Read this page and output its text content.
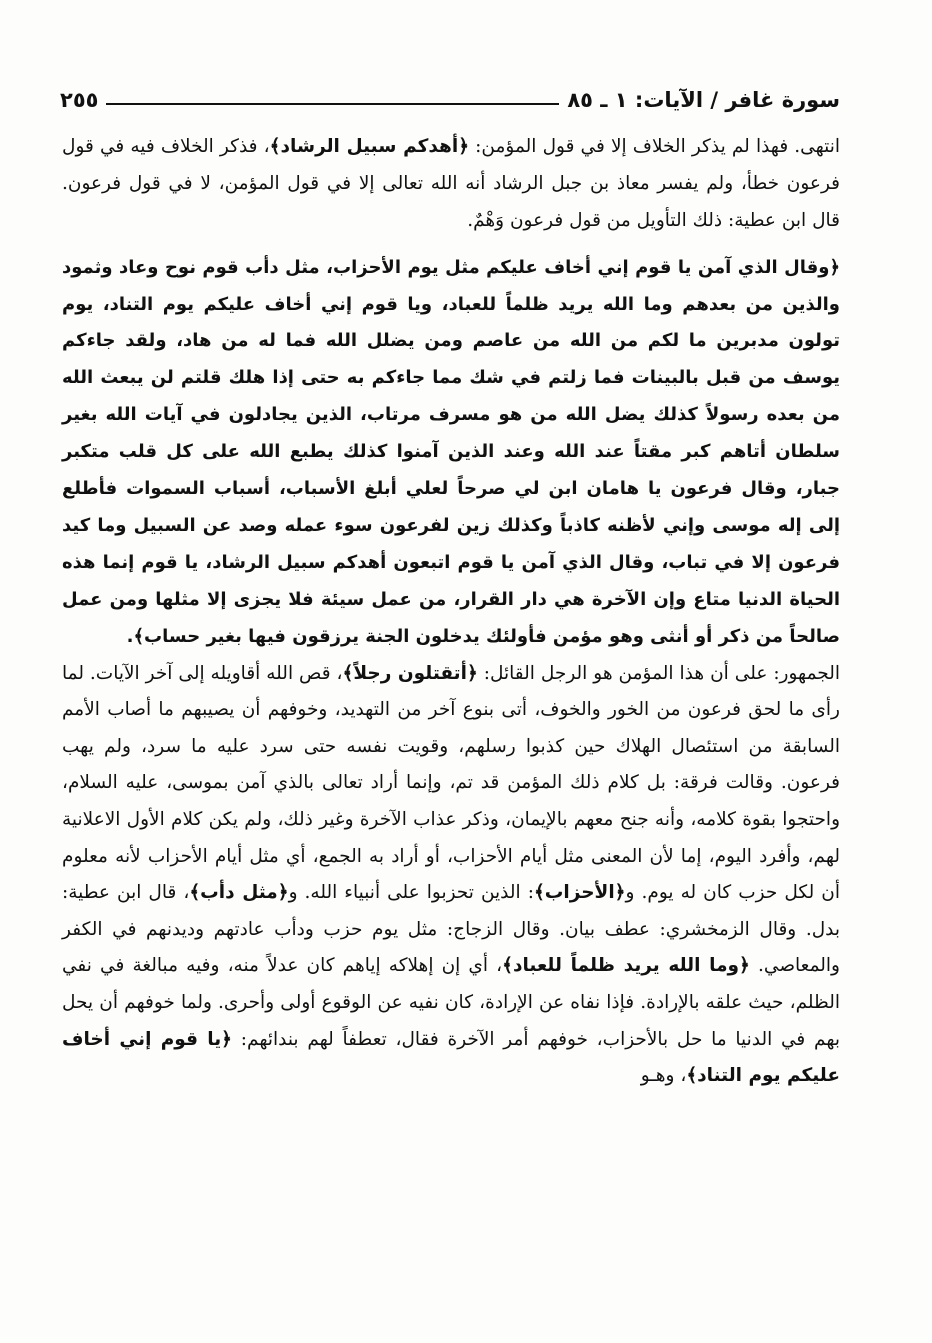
سورة غافر / الآيات: ١ ـ ٨٥
٢٥٥

انتهى. فهذا لم يذكر الخلاف إلا في قول المؤمن: ﴿أهدكم سبيل الرشاد﴾، فذكر الخلاف فيه في قول فرعون خطأ، ولم يفسر معاذ بن جبل الرشاد أنه الله تعالى إلا في قول المؤمن، لا في قول فرعون. قال ابن عطية: ذلك التأويل من قول فرعون وَهْمٌ.

﴿وقال الذي آمن يا قوم إني أخاف عليكم مثل يوم الأحزاب، مثل دأب قوم نوح وعاد وثمود والذين من بعدهم وما الله يريد ظلماً للعباد، ويا قوم إني أخاف عليكم يوم التناد، يوم تولون مدبرين ما لكم من الله من عاصم ومن يضلل الله فما له من هاد، ولقد جاءكم يوسف من قبل بالبينات فما زلتم في شك مما جاءكم به حتى إذا هلك قلتم لن يبعث الله من بعده رسولاً كذلك يضل الله من هو مسرف مرتاب، الذين يجادلون في آيات الله بغير سلطان أتاهم كبر مقتاً عند الله وعند الذين آمنوا كذلك يطبع الله على كل قلب متكبر جبار، وقال فرعون يا هامان ابن لي صرحاً لعلي أبلغ الأسباب، أسباب السموات فأطلع إلى إله موسى وإني لأظنه كاذباً وكذلك زين لفرعون سوء عمله وصد عن السبيل وما كيد فرعون إلا في تباب، وقال الذي آمن يا قوم اتبعون أهدكم سبيل الرشاد، يا قوم إنما هذه الحياة الدنيا متاع وإن الآخرة هي دار القرار، من عمل سيئة فلا يجزى إلا مثلها ومن عمل صالحاً من ذكر أو أنثى وهو مؤمن فأولئك يدخلون الجنة يرزقون فيها بغير حساب﴾.

الجمهور: على أن هذا المؤمن هو الرجل القائل: ﴿أتقتلون رجلاً﴾، قص الله أقاويله إلى آخر الآيات. لما رأى ما لحق فرعون من الخور والخوف، أتى بنوع آخر من التهديد، وخوفهم أن يصيبهم ما أصاب الأمم السابقة من استئصال الهلاك حين كذبوا رسلهم، وقويت نفسه حتى سرد عليه ما سرد، ولم يهب فرعون. وقالت فرقة: بل كلام ذلك المؤمن قد تم، وإنما أراد تعالى بالذي آمن بموسى، عليه السلام، واحتجوا بقوة كلامه، وأنه جنح معهم بالإيمان، وذكر عذاب الآخرة وغير ذلك، ولم يكن كلام الأول الاعلانية لهم، وأفرد اليوم، إما لأن المعنى مثل أيام الأحزاب، أو أراد به الجمع، أي مثل أيام الأحزاب لأنه معلوم أن لكل حزب كان له يوم. و﴿الأحزاب﴾: الذين تحزبوا على أنبياء الله. و﴿مثل دأب﴾، قال ابن عطية: بدل. وقال الزمخشري: عطف بيان. وقال الزجاج: مثل يوم حزب ودأب عادتهم وديدنهم في الكفر والمعاصي. ﴿وما الله يريد ظلماً للعباد﴾، أي إن إهلاكه إياهم كان عدلاً منه، وفيه مبالغة في نفي الظلم، حيث علقه بالإرادة. فإذا نفاه عن الإرادة، كان نفيه عن الوقوع أولى وأحرى. ولما خوفهم أن يحل بهم في الدنيا ما حل بالأحزاب، خوفهم أمر الآخرة فقال، تعطفاً لهم بندائهم: ﴿يا قوم إني أخاف عليكم يوم التناد﴾، وهـو
